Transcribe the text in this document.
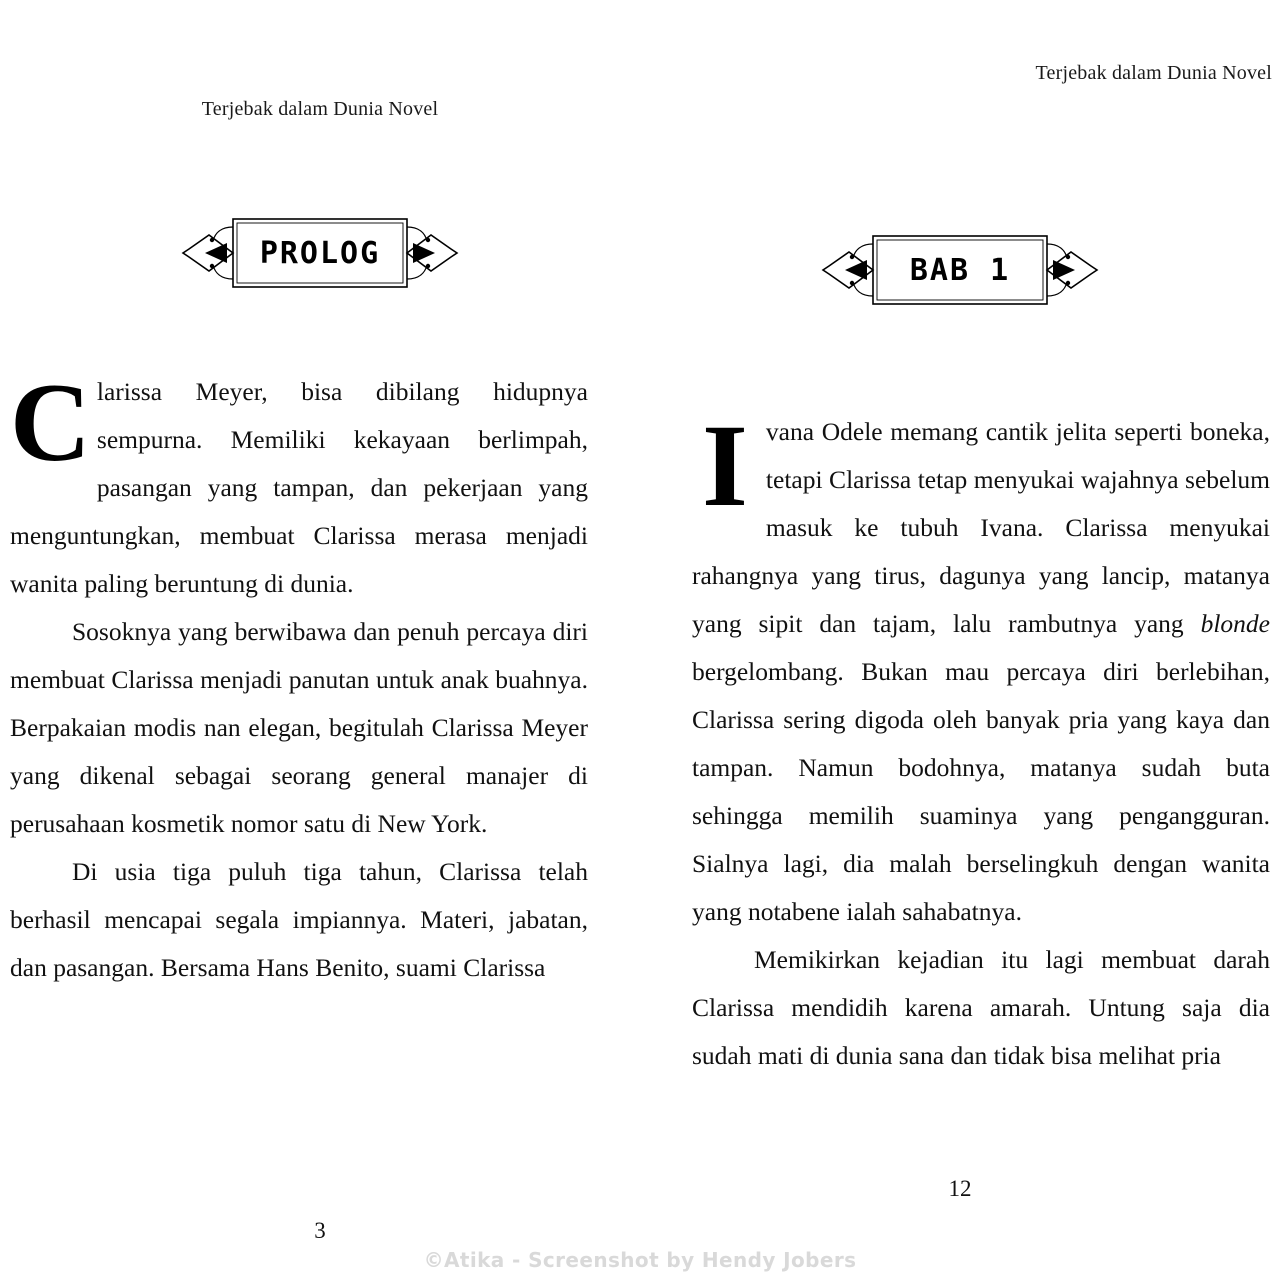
Terjebak dalam Dunia Novel
PROLOG

Clarissa Meyer, bisa dibilang hidupnya sempurna. Memiliki kekayaan berlimpah, pasangan yang tampan, dan pekerjaan yang menguntungkan, membuat Clarissa merasa menjadi wanita paling beruntung di dunia.

Sosoknya yang berwibawa dan penuh percaya diri membuat Clarissa menjadi panutan untuk anak buahnya. Berpakaian modis nan elegan, begitulah Clarissa Meyer yang dikenal sebagai seorang general manajer di perusahaan kosmetik nomor satu di New York.

Di usia tiga puluh tiga tahun, Clarissa telah berhasil mencapai segala impiannya. Materi, jabatan, dan pasangan. Bersama Hans Benito, suami Clarissa

3
Terjebak dalam Dunia Novel
BAB 1

Ivana Odele memang cantik jelita seperti boneka, tetapi Clarissa tetap menyukai wajahnya sebelum masuk ke tubuh Ivana. Clarissa menyukai rahangnya yang tirus, dagunya yang lancip, matanya yang sipit dan tajam, lalu rambutnya yang blonde bergelombang. Bukan mau percaya diri berlebihan, Clarissa sering digoda oleh banyak pria yang kaya dan tampan. Namun bodohnya, matanya sudah buta sehingga memilih suaminya yang pengangguran. Sialnya lagi, dia malah berselingkuh dengan wanita yang notabene ialah sahabatnya.

Memikirkan kejadian itu lagi membuat darah Clarissa mendidih karena amarah. Untung saja dia sudah mati di dunia sana dan tidak bisa melihat pria

12
©Atika - Screenshot by Hendy Jobers
